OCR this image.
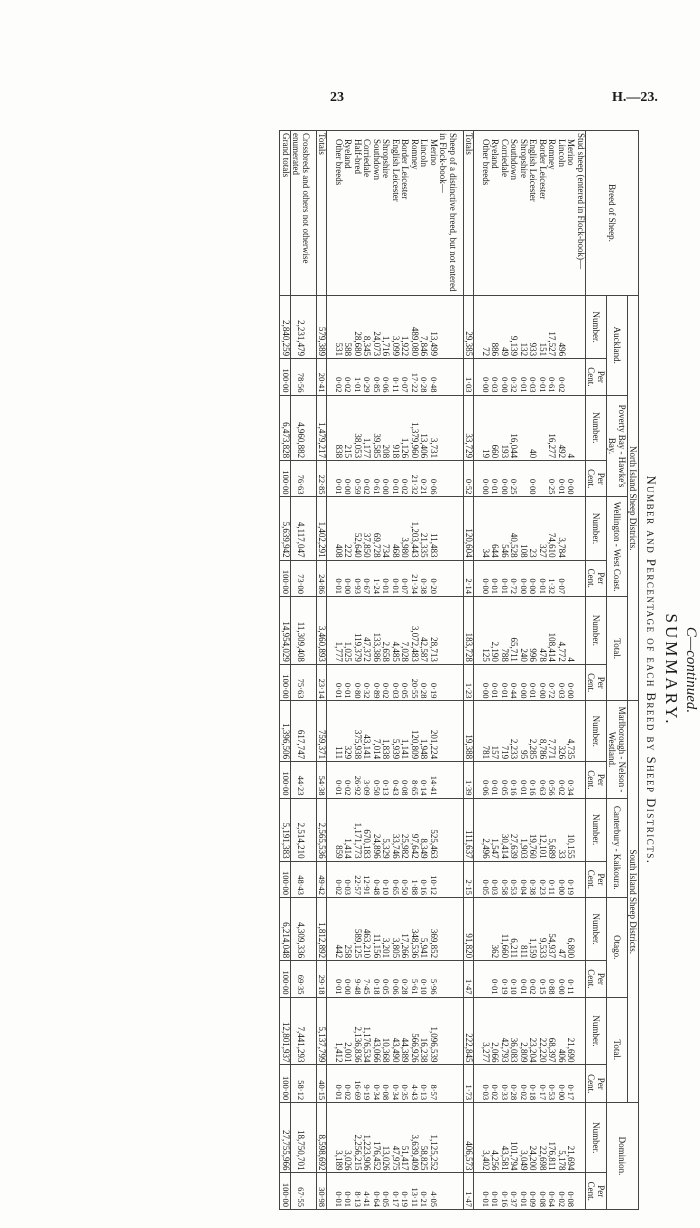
23	H.—23.
C—continued.
SUMMARY.
Number and Percentage of each Breed by Sheep Districts.
Breed of Sheep.	North Island Sheep Districts.								South Island Sheep Districts.								Dominion.	
	Auckland.		Poverty Bay - Hawke's Bay.		Wellington - West Coast.		Total.		Marlborough - Nelson - Westland.		Canterbury - Kaikoura.		Otago.		Total.			
	Number.	Per Cent.	Number.	Per Cent.	Number.	Per Cent.	Number.	Per Cent.	Number.	Per Cent.	Number.	Per Cent.	Number.	Per Cent.	Number.	Per Cent.	Number.	Per Cent.
Stud sheep (entered in Flock-book)—																		
Merino			4	0·00			4	0·00	4,735	0·34	10,155	0·19	6,800	0·11	21,690	0·17	21,694	0·08
Lincoln	496	0·02	492	0·01	3,784	0·07	4,772	0·03	326	0·02	33	0·00	47	0·00	406	0·00	5,178	0·02
Romney	17,527	0·61	16,277	0·25	74,610	1·32	108,414	0·72	7,771	0·56	5,689	0·11	54,937	0·88	68,397	0·53	176,811	0·64
Border Leicester	151	0·01			327	0·01	478	0·00	8,786	0·63	12,101	0·23	9,533	0·15	22,220	0·17	22,698	0·08
English Leicester	933	0·03	40	0·00	23	0·00	996	0·01	2,285	0·16	19,760	0·38	1,159	0·02	23,204	0·18	24,200	0·09
Shropshire	132	0·01			108	0·00	240	0·00	95	0·01	1,903	0·04	811	0·01	2,809	0·02	3,049	0·01
Southdown	9,139	0·32	16,044	0·25	40,528	0·72	65,711	0·44	2,233	0·16	27,639	0·53	6,211	0·10	36,083	0·28	101,794	0·37
Corriedale	49	0·00	193	0·00	546	0·01	788	0·01	719	0·05	30,414	0·58	11,660	0·19	42,793	0·33	43,581	0·16
Ryeland	886	0·03	660	0·01	644	0·01	2,190	0·01	157	0·01	1,547	0·03	362	0·01	2,066	0·02	4,256	0·01
Other breeds	72	0·00	19	0·00	34	0·00	125	0·00	781	0·06	2,496	0·05			3,277	0·03	3,402	0·01

Totals	29,385	1·03	33,729	0·52	120,604	2·14	183,728	1·23	19,388	1·39	111,637	2·15	91,820	1·47	222,845	1·73	406,573	1·47

Sheep of a distinctive breed, but not entered in Flock-book—																		
Merino	13,499	0·48	3,731	0·06	11,483	0·20	28,713	0·19	201,224	14·41	525,463	10·12	369,852	5·96	1,096,539	8·57	1,125,252	4·05
Lincoln	7,846	0·28	13,406	0·21	21,335	0·38	42,587	0·28	1,948	0·14	8,349	0·16	5,941	0·10	16,238	0·13	58,825	0·21
Romney	489,080	17·22	1,379,960	21·32	1,203,443	21·34	3,072,483	20·55	120,809	8·65	97,642	1·88	348,536	5·61	566,926	4·43	3,639,409	13·11
Border Leicester	1,922	0·07	1,126	0·02	3,980	0·07	7,028	0·05	1,141	0·08	25,982	0·50	17,266	0·28	44,389	0·35	51,417	0·19
English Leicester	3,099	0·11	918	0·01	468	0·01	4,485	0·03	5,939	0·43	33,746	0·65	3,805	0·06	43,490	0·34	47,975	0·17
Shropshire	1,716	0·06	208	0·00	734	0·01	2,658	0·02	1,838	0·13	5,329	0·10	3,201	0·05	10,368	0·08	13,026	0·05
Southdown	24,073	0·85	39,585	0·61	69,728	1·24	133,386	0·89	7,014	0·50	24,896	0·48	11,156	0·18	43,066	0·34	176,452	0·64
Corriedale	8,345	0·29	1,177	0·02	37,850	0·67	47,372	0·32	43,141	3·09	670,183	12·91	463,210	7·45	1,176,534	9·19	1,223,906	4·41
Half-bred	28,680	1·01	38,053	0·59	52,640	0·93	119,379	0·80	375,938	26·92	1,171,773	22·57	589,125	9·48	2,136,836	16·69	2,256,215	8·13
Ryeland	588	0·02	215	0·00	222	0·00	1,025	0·01	329	0·02	1,414	0·03	258	0·00	2,001	0·02	3,026	0·01
Other breeds	531	0·02	838	0·01	408	0·01	1,777	0·01	111	0·01	859	0·02	442	0·01	1,412	0·01	3,189	0·01

Totals	579,389	20·41	1,479,217	22·85	1,402,291	24·86	3,460,893	23·14	759,371	54·38	2,565,536	49·42	1,812,892	29·18	5,137,799	40·15	8,598,692	30·98

Crossbreds and others not otherwise enumerated	2,231,479	78·56	4,960,882	76·63	4,117,047	73·00	11,309,408	75·63	617,747	44·23	2,514,210	48·43	4,309,336	69·35	7,441,293	58·12	18,750,701	67·55
Grand totals	2,840,259	100·00	6,473,828	100·00	5,639,942	100·00	14,954,029	100·00	1,396,506	100·00	5,191,383	100·00	6,214,048	100·00	12,801,937	100·00	27,755,966	100·00
